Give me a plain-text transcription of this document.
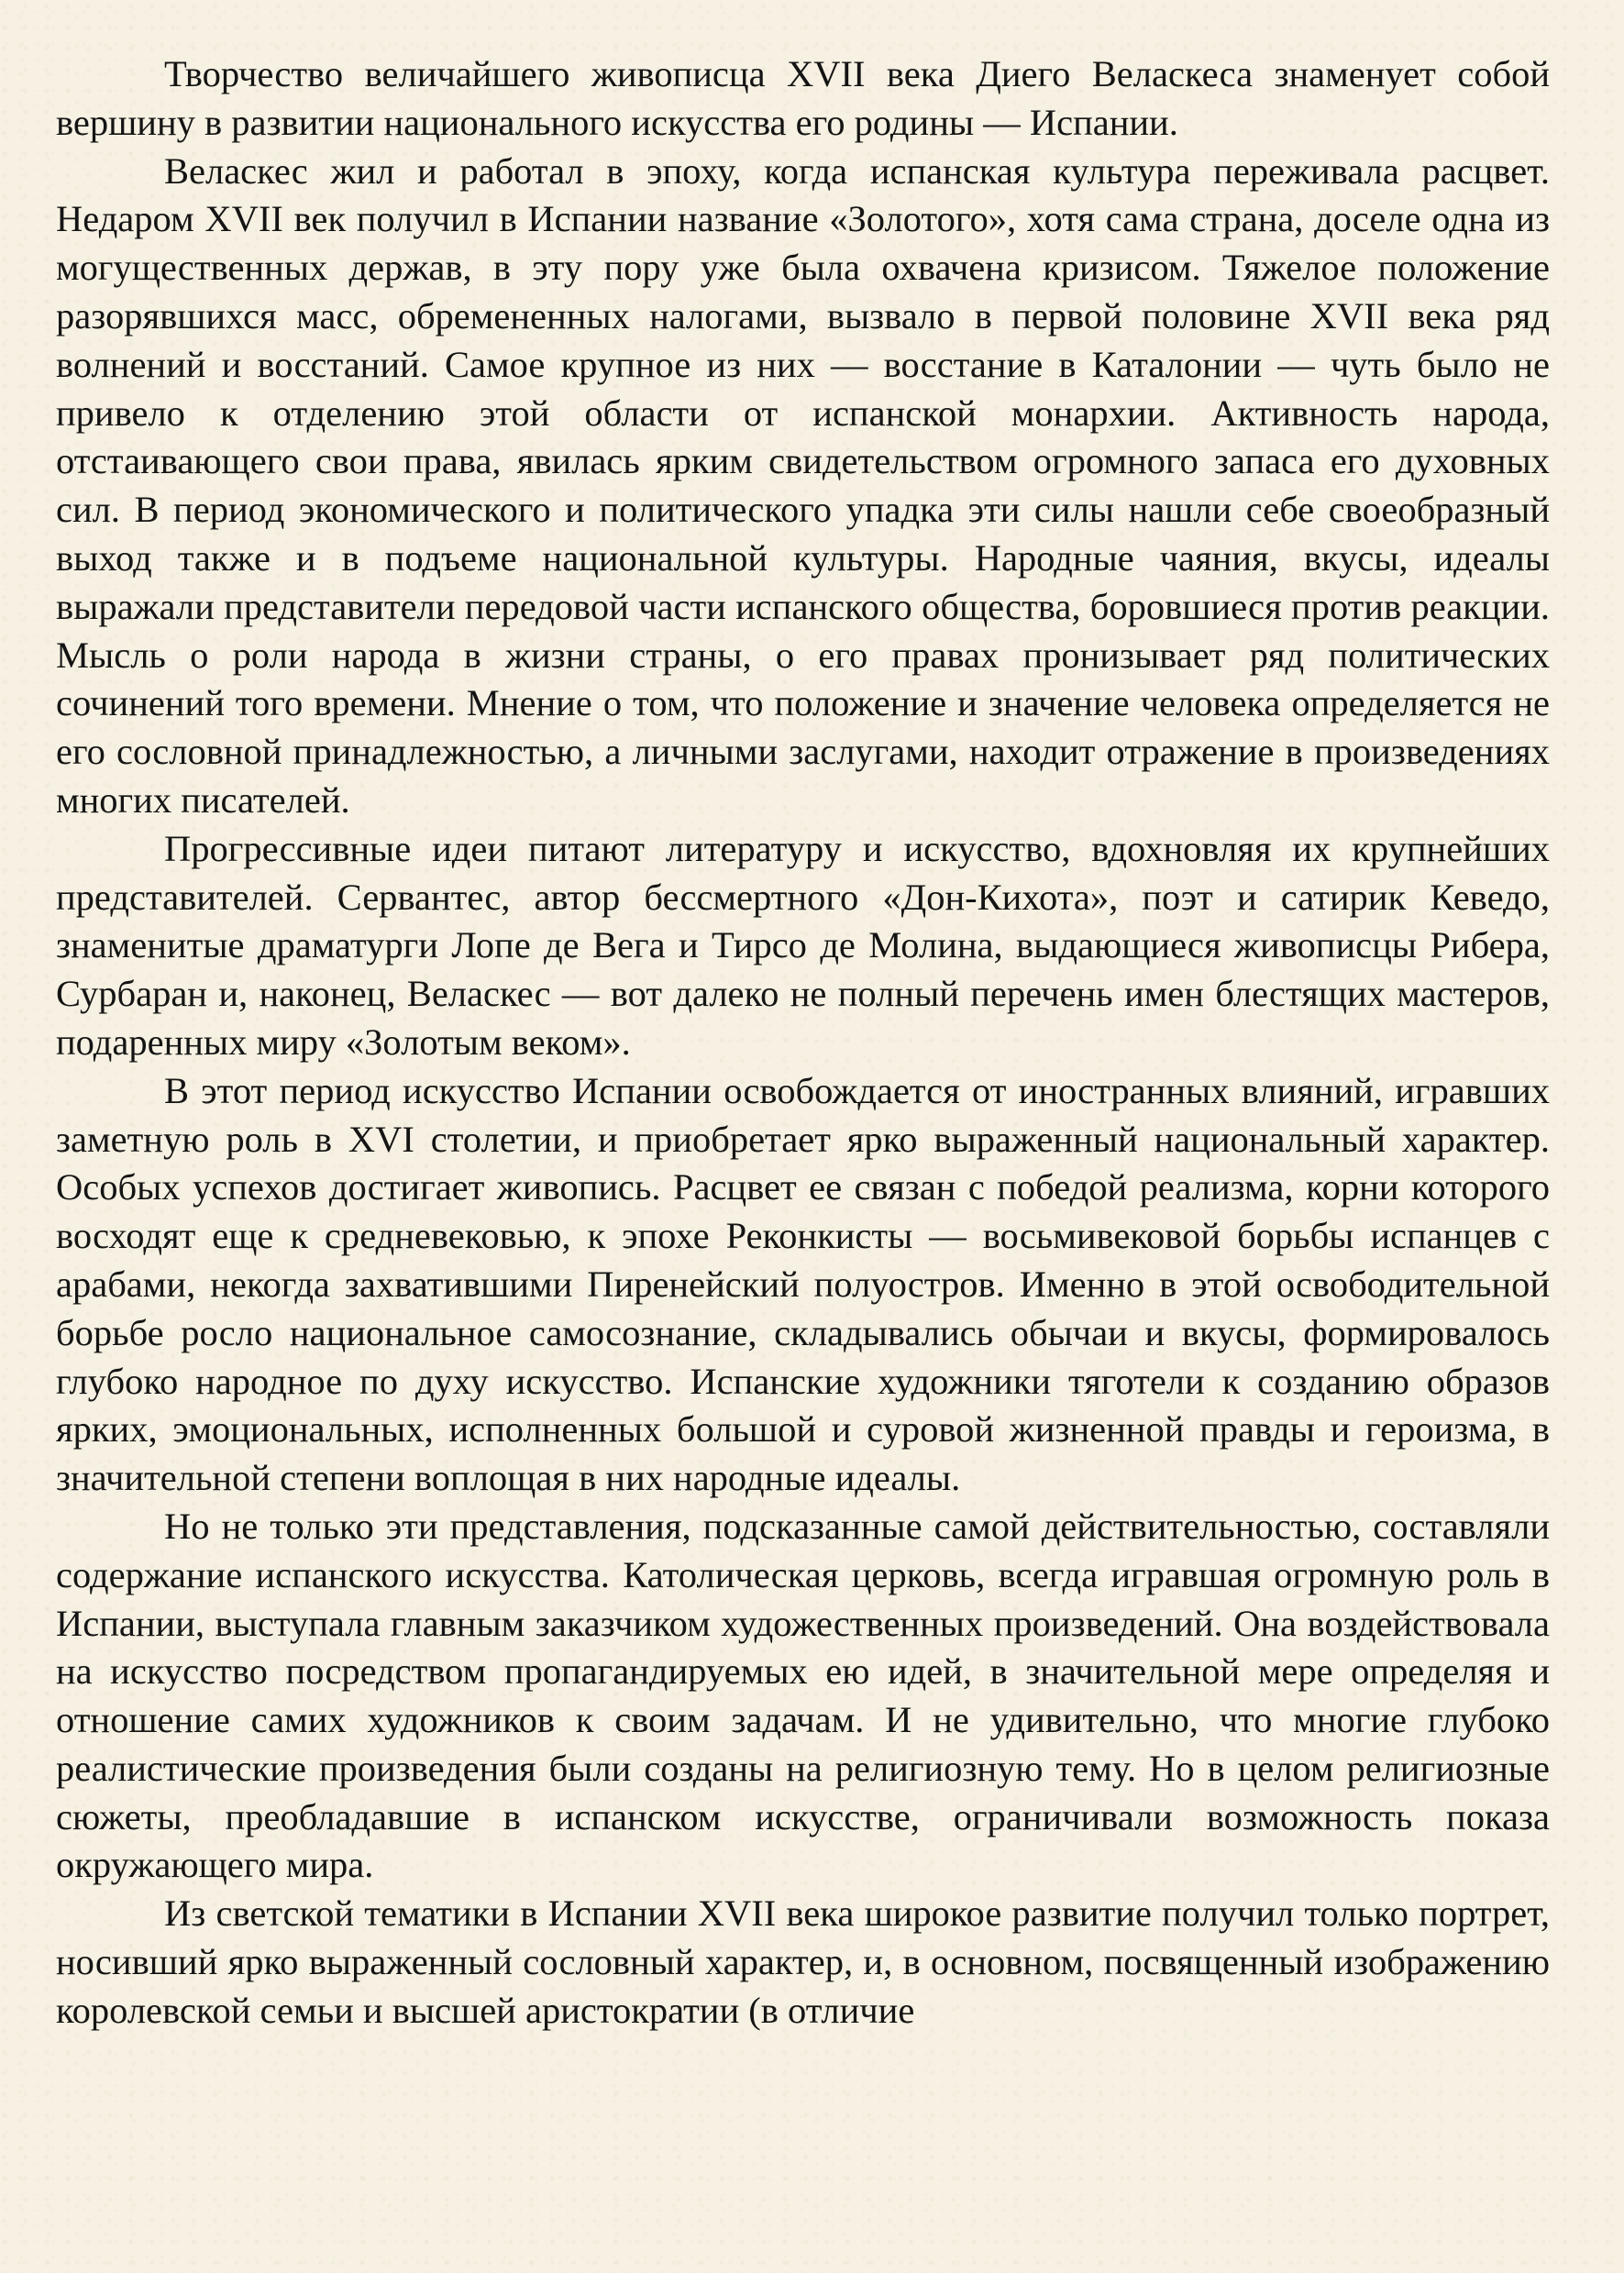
Творчество величайшего живописца XVII века Диего Веласкеса знаменует собой вершину в развитии национального искусства его родины — Испании.

Веласкес жил и работал в эпоху, когда испанская культура переживала расцвет. Недаром XVII век получил в Испании название «Золотого», хотя сама страна, доселе одна из могущественных держав, в эту пору уже была охвачена кризисом. Тяжелое положение разорявшихся масс, обремененных налогами, вызвало в первой половине XVII века ряд волнений и восстаний. Самое крупное из них — восстание в Каталонии — чуть было не привело к отделению этой области от испанской монархии. Активность народа, отстаивающего свои права, явилась ярким свидетельством огромного запаса его духовных сил. В период экономического и политического упадка эти силы нашли себе своеобразный выход также и в подъеме национальной культуры. Народные чаяния, вкусы, идеалы выражали представители передовой части испанского общества, боровшиеся против реакции. Мысль о роли народа в жизни страны, о его правах пронизывает ряд политических сочинений того времени. Мнение о том, что положение и значение человека определяется не его сословной принадлежностью, а личными заслугами, находит отражение в произведениях многих писателей.

Прогрессивные идеи питают литературу и искусство, вдохновляя их крупнейших представителей. Сервантес, автор бессмертного «Дон-Кихота», поэт и сатирик Кеведо, знаменитые драматурги Лопе де Вега и Тирсо де Молина, выдающиеся живописцы Рибера, Сурбаран и, наконец, Веласкес — вот далеко не полный перечень имен блестящих мастеров, подаренных миру «Золотым веком».

В этот период искусство Испании освобождается от иностранных влияний, игравших заметную роль в XVI столетии, и приобретает ярко выраженный национальный характер. Особых успехов достигает живопись. Расцвет ее связан с победой реализма, корни которого восходят еще к средневековью, к эпохе Реконкисты — восьмивековой борьбы испанцев с арабами, некогда захватившими Пиренейский полуостров. Именно в этой освободительной борьбе росло национальное самосознание, складывались обычаи и вкусы, формировалось глубоко народное по духу искусство. Испанские художники тяготели к созданию образов ярких, эмоциональных, исполненных большой и суровой жизненной правды и героизма, в значительной степени воплощая в них народные идеалы.

Но не только эти представления, подсказанные самой действительностью, составляли содержание испанского искусства. Католическая церковь, всегда игравшая огромную роль в Испании, выступала главным заказчиком художественных произведений. Она воздействовала на искусство посредством пропагандируемых ею идей, в значительной мере определяя и отношение самих художников к своим задачам. И не удивительно, что многие глубоко реалистические произведения были созданы на религиозную тему. Но в целом религиозные сюжеты, преобладавшие в испанском искусстве, ограничивали возможность показа окружающего мира.

Из светской тематики в Испании XVII века широкое развитие получил только портрет, носивший ярко выраженный сословный характер, и, в основном, посвященный изображению королевской семьи и высшей аристократии (в отличие
